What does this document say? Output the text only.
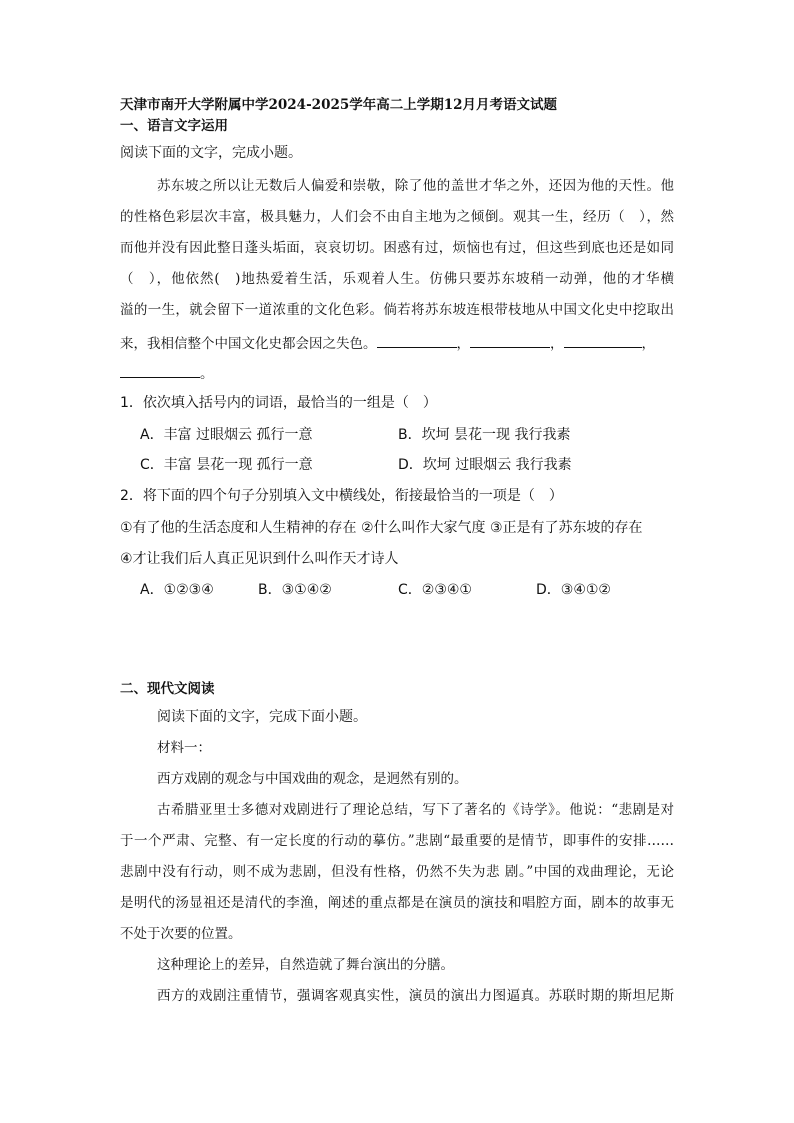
天津市南开大学附属中学2024-2025学年高二上学期12月月考语文试题
一、语言文字运用
阅读下面的文字，完成小题。
苏东坡之所以让无数后人偏爱和崇敬，除了他的盖世才华之外，还因为他的天性。他
的性格色彩层次丰富，极具魅力，人们会不由自主地为之倾倒。观其一生，经历（　），然
而他并没有因此整日蓬头垢面，哀哀切切。困惑有过，烦恼也有过，但这些到底也还是如同
（　），他依然(　)地热爱着生活，乐观着人生。仿佛只要苏东坡稍一动弹，他的才华横
溢的一生，就会留下一道浓重的文化色彩。倘若将苏东坡连根带枝地从中国文化史中挖取出
来，我相信整个中国文化史都会因之失色。	，	，	，
。
1．依次填入括号内的词语，最恰当的一组是（　）
A．丰富 过眼烟云 孤行一意	B．坎坷 昙花一现 我行我素
C．丰富 昙花一现 孤行一意	D．坎坷 过眼烟云 我行我素
2．将下面的四个句子分别填入文中横线处，衔接最恰当的一项是（　）
①有了他的生活态度和人生精神的存在 ②什么叫作大家气度 ③正是有了苏东坡的存在
④才让我们后人真正见识到什么叫作天才诗人
A．①②③④	B．③①④②	C．②③④①	D．③④①②
二、现代文阅读
阅读下面的文字，完成下面小题。
材料一：
西方戏剧的观念与中国戏曲的观念，是迥然有别的。
古希腊亚里士多德对戏剧进行了理论总结，写下了著名的《诗学》。他说：“悲剧是对
于一个严肃、完整、有一定长度的行动的摹仿。”悲剧“最重要的是情节，即事件的安排……
悲剧中没有行动，则不成为悲剧，但没有性格，仍然不失为悲 剧。”中国的戏曲理论，无论
是明代的汤显祖还是清代的李渔，阐述的重点都是在演员的演技和唱腔方面，剧本的故事无
不处于次要的位置。
这种理论上的差异，自然造就了舞台演出的分膳。
西方的戏剧注重情节，强调客观真实性，演员的演出力图逼真。苏联时期的斯坦尼斯
